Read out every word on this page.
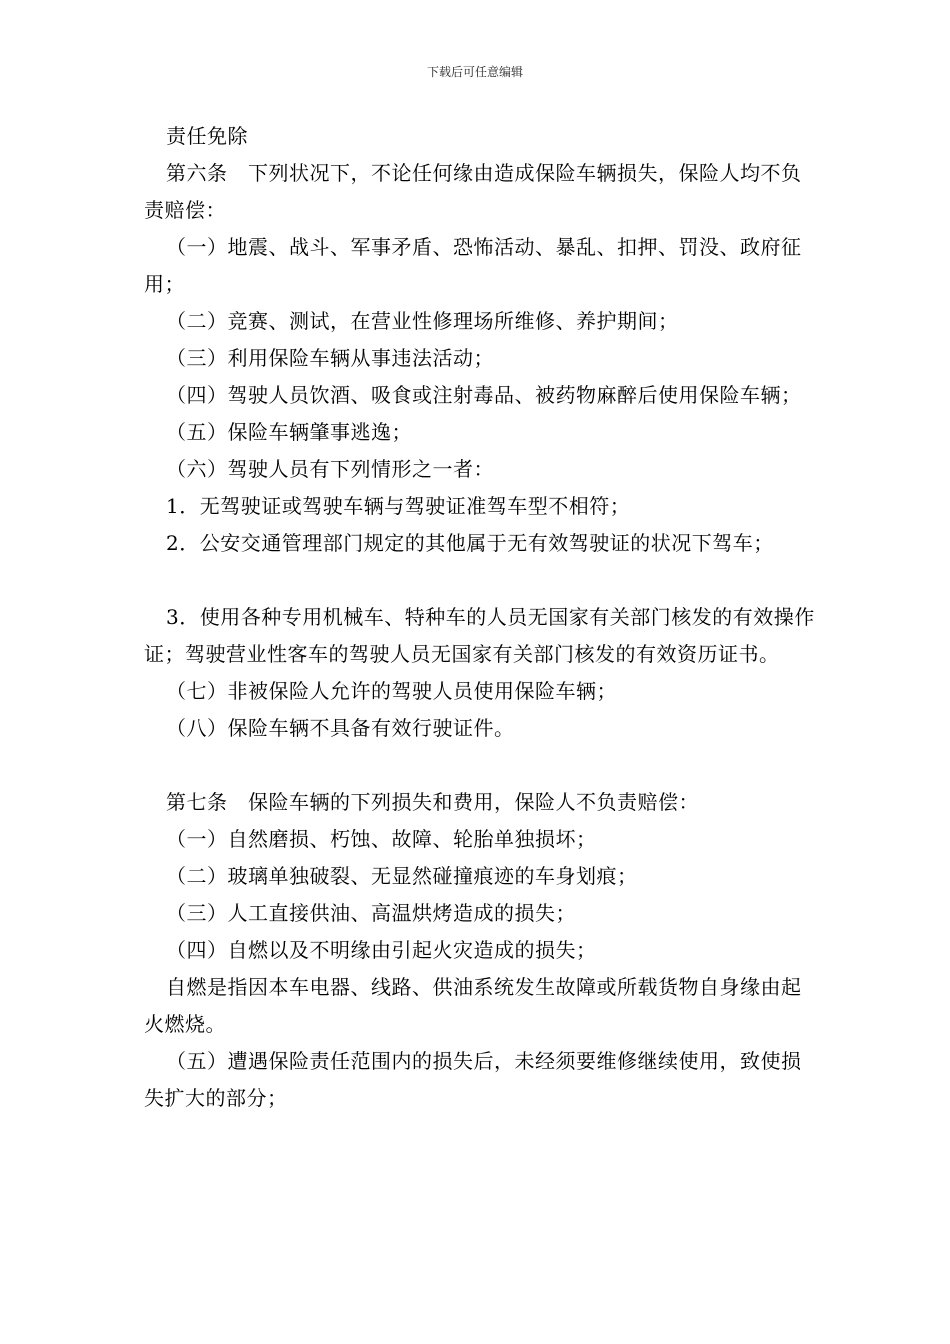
下载后可任意编辑

责任免除

第六条　下列状况下，不论任何缘由造成保险车辆损失，保险人均不负责赔偿：

（一）地震、战斗、军事矛盾、恐怖活动、暴乱、扣押、罚没、政府征用；

（二）竞赛、测试，在营业性修理场所维修、养护期间；

（三）利用保险车辆从事违法活动；

（四）驾驶人员饮酒、吸食或注射毒品、被药物麻醉后使用保险车辆；

（五）保险车辆肇事逃逸；

（六）驾驶人员有下列情形之一者：

1．无驾驶证或驾驶车辆与驾驶证准驾车型不相符；

2．公安交通管理部门规定的其他属于无有效驾驶证的状况下驾车；

3．使用各种专用机械车、特种车的人员无国家有关部门核发的有效操作证；驾驶营业性客车的驾驶人员无国家有关部门核发的有效资历证书。

（七）非被保险人允许的驾驶人员使用保险车辆；

（八）保险车辆不具备有效行驶证件。

第七条　保险车辆的下列损失和费用，保险人不负责赔偿：

（一）自然磨损、朽蚀、故障、轮胎单独损坏；

（二）玻璃单独破裂、无显然碰撞痕迹的车身划痕；

（三）人工直接供油、高温烘烤造成的损失；

（四）自燃以及不明缘由引起火灾造成的损失；

自燃是指因本车电器、线路、供油系统发生故障或所载货物自身缘由起火燃烧。

（五）遭遇保险责任范围内的损失后，未经须要维修继续使用，致使损失扩大的部分；
